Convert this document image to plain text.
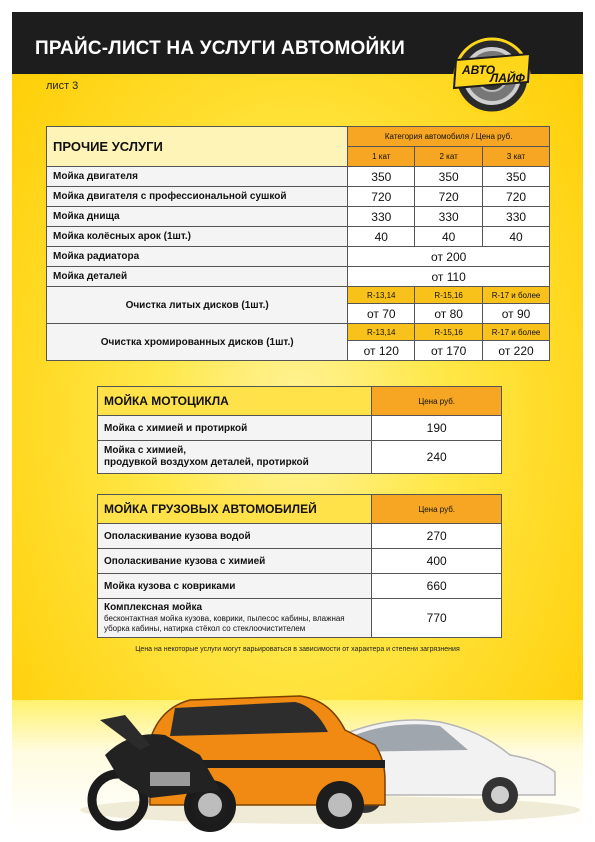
ПРАЙС-ЛИСТ НА УСЛУГИ АВТОМОЙКИ
лист 3
АВТО
ЛАЙФ
ПРОЧИЕ УСЛУГИ	Категория автомобиля / Цена руб.		
	1 кат	2 кат	3 кат
Мойка двигателя	350	350	350
Мойка двигателя с профессиональной сушкой	720	720	720
Мойка днища	330	330	330
Мойка колёсных арок (1шт.)	40	40	40
Мойка радиатора	от 200		
Мойка деталей	от 110		
Очистка литых дисков (1шт.)	R-13,14	R-15,16	R-17 и более
	от 70	от 80	от 90
Очистка хромированных дисков (1шт.)	R-13,14	R-15,16	R-17 и более
	от 120	от 170	от 220
МОЙКА МОТОЦИКЛА	Цена руб.
Мойка с химией и протиркой	190

Мойка с химией,
продувкой воздухом деталей, протиркой	240
МОЙКА ГРУЗОВЫХ АВТОМОБИЛЕЙ	Цена руб.
Ополаскивание кузова водой	270
Ополаскивание кузова с химией	400
Мойка кузова с ковриками	660

Комплексная мойка
бесконтактная мойка кузова, коврики, пылесос кабины, влажная уборка кабины, натирка стёкол со стеклоочистителем	770
Цена на некоторые услуги могут варьироваться в зависимости от характера и степени загрязнения
